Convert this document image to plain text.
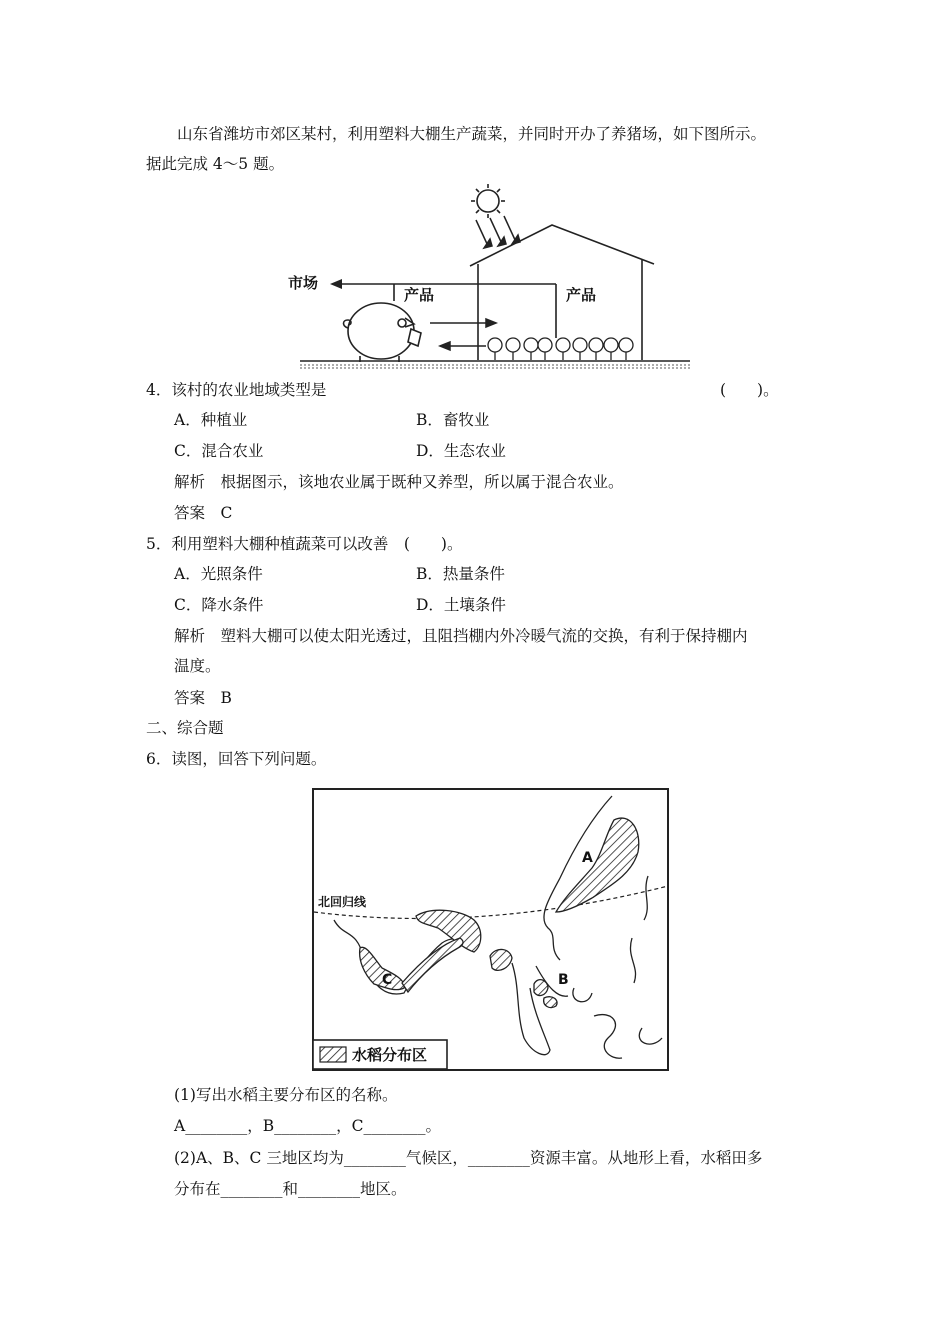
山东省潍坊市郊区某村，利用塑料大棚生产蔬菜，并同时开办了养猪场，如下图所示。
据此完成 4～5 题。
市场
产品	产品
4．该村的农业地域类型是	(　　)。
A．种植业	B．畜牧业
C．混合农业	D．生态农业
解析　根据图示，该地农业属于既种又养型，所以属于混合农业。
答案　C
5．利用塑料大棚种植蔬菜可以改善　(　　)。
A．光照条件	B．热量条件
C．降水条件	D．土壤条件
解析　塑料大棚可以使太阳光透过，且阻挡棚内外冷暖气流的交换，有利于保持棚内
温度。
答案　B
二、综合题
6．读图，回答下列问题。
北回归线
A
B
C
水稻分布区
(1)写出水稻主要分布区的名称。
A________，B________，C________。
(2)A、B、C 三地区均为________气候区，________资源丰富。从地形上看，水稻田多
分布在________和________地区。
